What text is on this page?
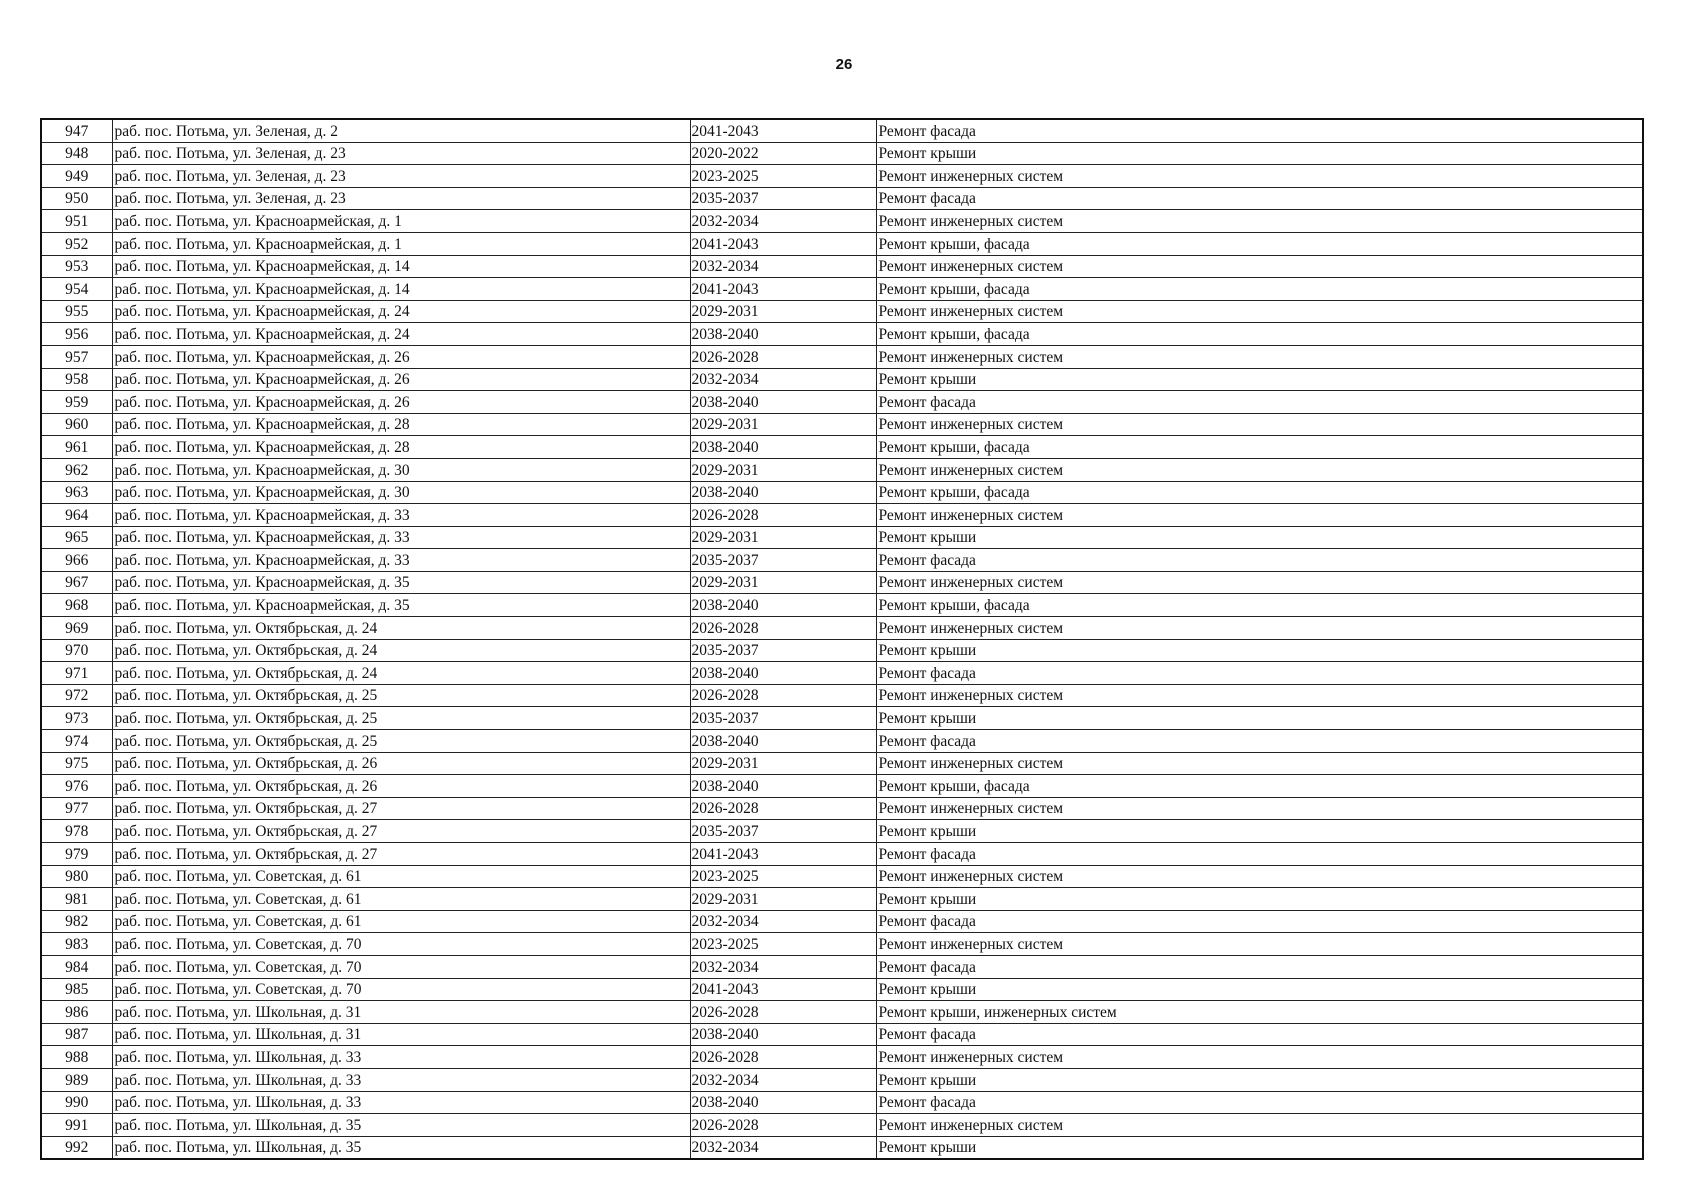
26
947	раб. пос. Потьма, ул. Зеленая, д. 2	2041-2043	Ремонт фасада
948	раб. пос. Потьма, ул. Зеленая, д. 23	2020-2022	Ремонт крыши
949	раб. пос. Потьма, ул. Зеленая, д. 23	2023-2025	Ремонт инженерных систем
950	раб. пос. Потьма, ул. Зеленая, д. 23	2035-2037	Ремонт фасада
951	раб. пос. Потьма, ул. Красноармейская, д. 1	2032-2034	Ремонт инженерных систем
952	раб. пос. Потьма, ул. Красноармейская, д. 1	2041-2043	Ремонт крыши, фасада
953	раб. пос. Потьма, ул. Красноармейская, д. 14	2032-2034	Ремонт инженерных систем
954	раб. пос. Потьма, ул. Красноармейская, д. 14	2041-2043	Ремонт крыши, фасада
955	раб. пос. Потьма, ул. Красноармейская, д. 24	2029-2031	Ремонт инженерных систем
956	раб. пос. Потьма, ул. Красноармейская, д. 24	2038-2040	Ремонт крыши, фасада
957	раб. пос. Потьма, ул. Красноармейская, д. 26	2026-2028	Ремонт инженерных систем
958	раб. пос. Потьма, ул. Красноармейская, д. 26	2032-2034	Ремонт крыши
959	раб. пос. Потьма, ул. Красноармейская, д. 26	2038-2040	Ремонт фасада
960	раб. пос. Потьма, ул. Красноармейская, д. 28	2029-2031	Ремонт инженерных систем
961	раб. пос. Потьма, ул. Красноармейская, д. 28	2038-2040	Ремонт крыши, фасада
962	раб. пос. Потьма, ул. Красноармейская, д. 30	2029-2031	Ремонт инженерных систем
963	раб. пос. Потьма, ул. Красноармейская, д. 30	2038-2040	Ремонт крыши, фасада
964	раб. пос. Потьма, ул. Красноармейская, д. 33	2026-2028	Ремонт инженерных систем
965	раб. пос. Потьма, ул. Красноармейская, д. 33	2029-2031	Ремонт крыши
966	раб. пос. Потьма, ул. Красноармейская, д. 33	2035-2037	Ремонт фасада
967	раб. пос. Потьма, ул. Красноармейская, д. 35	2029-2031	Ремонт инженерных систем
968	раб. пос. Потьма, ул. Красноармейская, д. 35	2038-2040	Ремонт крыши, фасада
969	раб. пос. Потьма, ул. Октябрьская, д. 24	2026-2028	Ремонт инженерных систем
970	раб. пос. Потьма, ул. Октябрьская, д. 24	2035-2037	Ремонт крыши
971	раб. пос. Потьма, ул. Октябрьская, д. 24	2038-2040	Ремонт фасада
972	раб. пос. Потьма, ул. Октябрьская, д. 25	2026-2028	Ремонт инженерных систем
973	раб. пос. Потьма, ул. Октябрьская, д. 25	2035-2037	Ремонт крыши
974	раб. пос. Потьма, ул. Октябрьская, д. 25	2038-2040	Ремонт фасада
975	раб. пос. Потьма, ул. Октябрьская, д. 26	2029-2031	Ремонт инженерных систем
976	раб. пос. Потьма, ул. Октябрьская, д. 26	2038-2040	Ремонт крыши, фасада
977	раб. пос. Потьма, ул. Октябрьская, д. 27	2026-2028	Ремонт инженерных систем
978	раб. пос. Потьма, ул. Октябрьская, д. 27	2035-2037	Ремонт крыши
979	раб. пос. Потьма, ул. Октябрьская, д. 27	2041-2043	Ремонт фасада
980	раб. пос. Потьма, ул. Советская, д. 61	2023-2025	Ремонт инженерных систем
981	раб. пос. Потьма, ул. Советская, д. 61	2029-2031	Ремонт крыши
982	раб. пос. Потьма, ул. Советская, д. 61	2032-2034	Ремонт фасада
983	раб. пос. Потьма, ул. Советская, д. 70	2023-2025	Ремонт инженерных систем
984	раб. пос. Потьма, ул. Советская, д. 70	2032-2034	Ремонт фасада
985	раб. пос. Потьма, ул. Советская, д. 70	2041-2043	Ремонт крыши
986	раб. пос. Потьма, ул. Школьная, д. 31	2026-2028	Ремонт крыши, инженерных систем
987	раб. пос. Потьма, ул. Школьная, д. 31	2038-2040	Ремонт фасада
988	раб. пос. Потьма, ул. Школьная, д. 33	2026-2028	Ремонт инженерных систем
989	раб. пос. Потьма, ул. Школьная, д. 33	2032-2034	Ремонт крыши
990	раб. пос. Потьма, ул. Школьная, д. 33	2038-2040	Ремонт фасада
991	раб. пос. Потьма, ул. Школьная, д. 35	2026-2028	Ремонт инженерных систем
992	раб. пос. Потьма, ул. Школьная, д. 35	2032-2034	Ремонт крыши
